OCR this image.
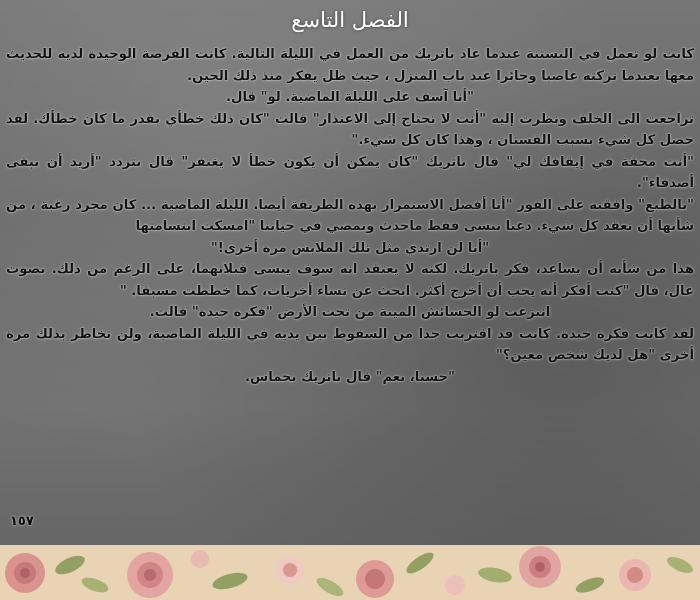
الفصل التاسع

كانت لو تعمل في البستنة عندما عاد باتريك من العمل في الليلة التالية. كانت الفرصة الوحيدة لديه للحديث معها بعندما تركته غاضبا وحائرا عند باب المنزل ، حيث ظل يفكر منذ ذلك الحين.

"أنا آسف على الليلة الماضية. لو" قال.

تراجعت الى الخلف ونظرت إليه "أنت لا تحتاج إلى الاعتذار" قالت "كان ذلك خطأي بقدر ما كان خطأك. لقد حصل كل شيء بسبب الفستان ، وهذا كان كل شيء."

"أنت محقة في إيقافك لي" قال باتريك "كان يمكن أن يكون خطأ لا يغتفر" قال بتردد "أريد أن نبقى أصدقاء".

"بالطبع" وافقته على الفور "أنا أفضل الاستمرار بهذه الطريقة أيضا. الليلة الماضية ... كان مجرد رغبة ، من شأنها أن تعقد كل شيء. دعنا ننسى فقط ماحدث ونمضي في حياتنا "امسكت ابتسامتها

"أنا لن ارتدي مثل تلك الملابس مرة أخرى!"

هذا من شأنه أن يساعد، فكر باتريك. لكنه لا يعتقد انه سوف ينسى قبلاتهما، على الرغم من ذلك. بصوت عال، قال "كنت أفكر أنه يجب أن أخرج أكثر. ابحث عن نساء أخريات، كما خططت مسبقا. "

انتزعت لو الحشائش الميتة من تحت الأرض "فكرة جيدة" قالت.

لقد كانت فكرة جيدة. كانت قد اقتربت جدا من السقوط بين يديه في الليلة الماضية، ولن تخاطر بذلك مرة أخرى "هل لديك شخص معين؟"

"حسنا، نعم" قال باتريك بحماس.

١٥٧
